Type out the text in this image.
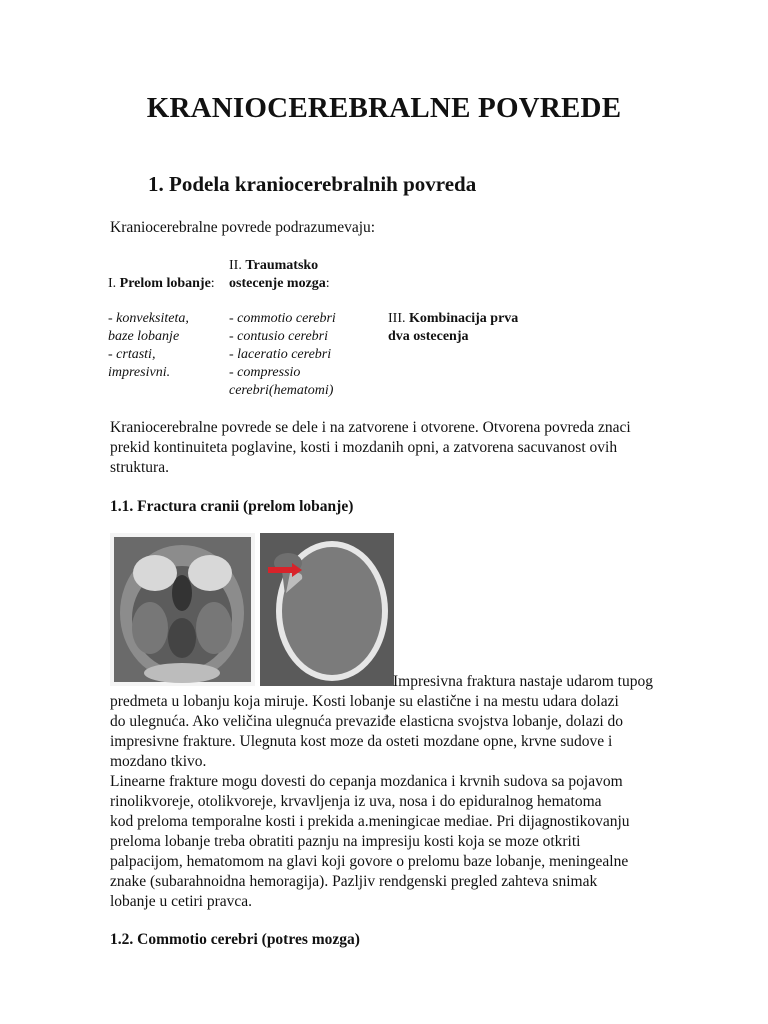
KRANIOCEREBRALNE POVREDE
1. Podela kraniocerebralnih povreda
Kraniocerebralne povrede podrazumevaju:
II. Traumatsko
ostecenje mozga:
I. Prelom lobanje:
- konveksiteta,
baze lobanje
- crtasti,
impresivni.
- commotio cerebri
- contusio cerebri
- laceratio cerebri
- compressio
cerebri(hematomi)
III. Kombinacija prva
dva ostecenja
Kraniocerebralne povrede se dele i na zatvorene i otvorene. Otvorena povreda znaci
prekid kontinuiteta poglavine, kosti i mozdanih opni, a zatvorena sacuvanost ovih
struktura.
1.1. Fractura cranii (prelom lobanje)
Impresivna fraktura nastaje udarom tupog
predmeta u lobanju koja miruje. Kosti lobanje su elastične i na mestu udara dolazi
do ulegnuća. Ako veličina ulegnuća prevaziđe elasticna svojstva lobanje, dolazi do
impresivne frakture. Ulegnuta kost moze da osteti mozdane opne, krvne sudove i
mozdano tkivo.
Linearne frakture mogu dovesti do cepanja mozdanica i krvnih sudova sa pojavom
rinolikvoreje, otolikvoreje, krvavljenja iz uva, nosa i do epiduralnog hematoma
kod preloma temporalne kosti i prekida a.meningicae mediae. Pri dijagnostikovanju
preloma lobanje treba obratiti paznju na impresiju kosti koja se moze otkriti
palpacijom, hematomom na glavi koji govore o prelomu baze lobanje, meningealne
znake (subarahnoidna hemoragija). Pazljiv rendgenski pregled zahteva snimak
lobanje u cetiri pravca.
1.2. Commotio cerebri (potres mozga)
